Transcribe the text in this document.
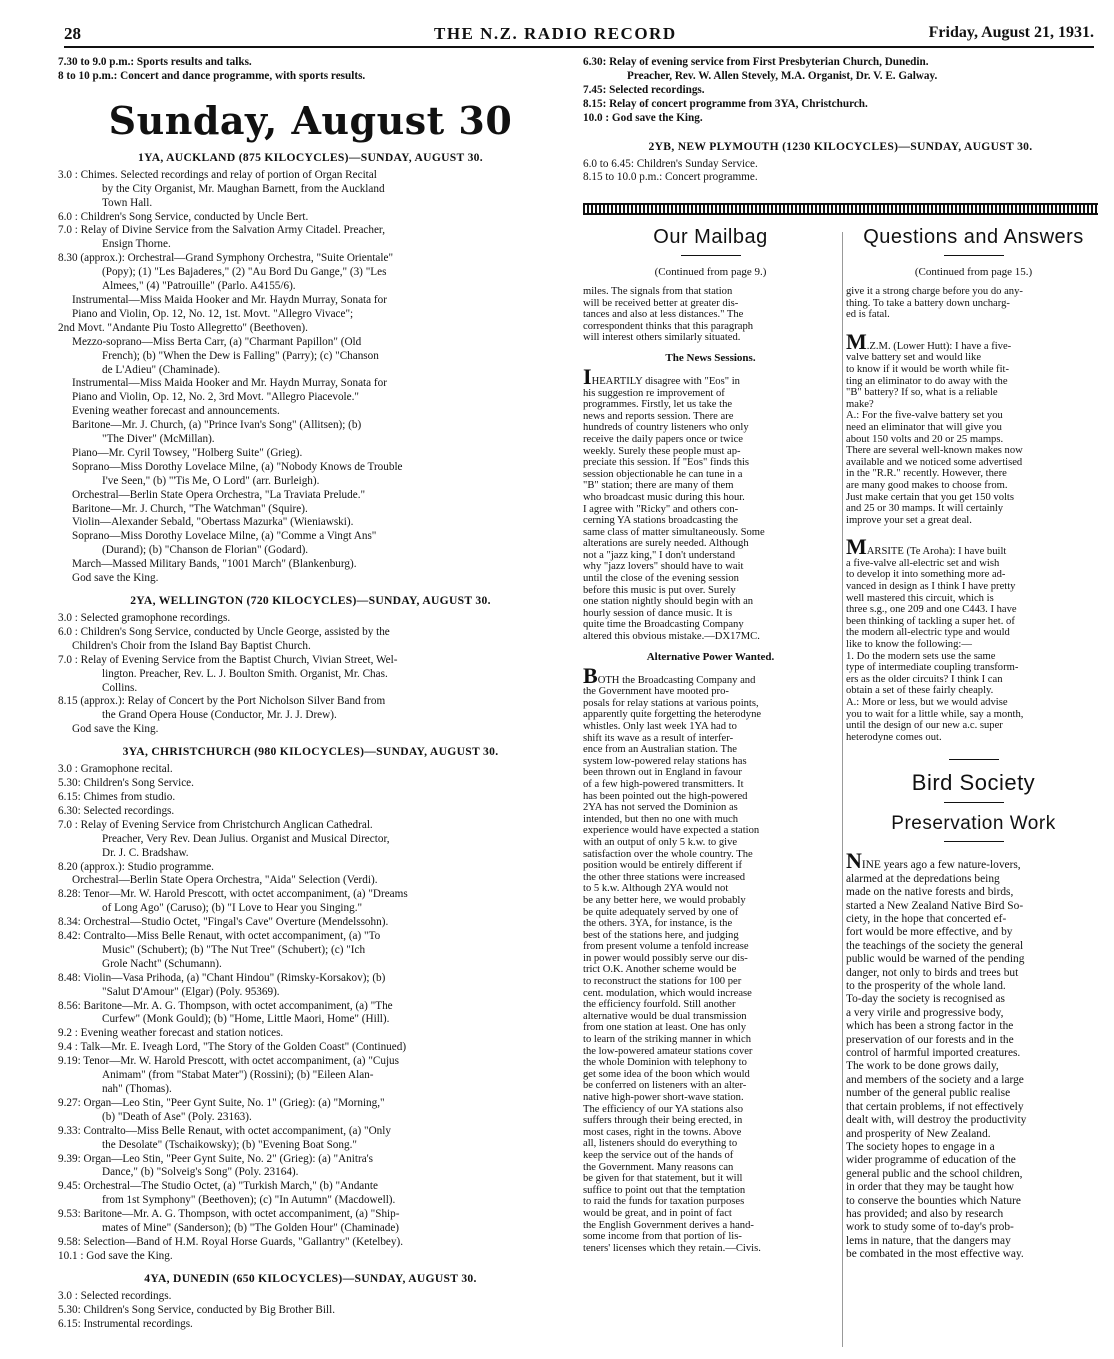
28	THE N.Z. RADIO RECORD	Friday, August 21, 1931.
7.30 to 9.0 p.m.: Sports results and talks.
8 to 10 p.m.: Concert and dance programme, with sports results.
Sunday, August 30
1YA, AUCKLAND (875 KILOCYCLES)—SUNDAY, AUGUST 30.
3.0 : Chimes. Selected recordings and relay of portion of Organ Recital
by the City Organist, Mr. Maughan Barnett, from the Auckland
Town Hall.
6.0 : Children's Song Service, conducted by Uncle Bert.
7.0 : Relay of Divine Service from the Salvation Army Citadel. Preacher,
Ensign Thorne.
8.30 (approx.): Orchestral—Grand Symphony Orchestra, "Suite Orientale"
(Popy); (1) "Les Bajaderes," (2) "Au Bord Du Gange," (3) "Les
Almees," (4) "Patrouille" (Parlo. A4155/6).
Instrumental—Miss Maida Hooker and Mr. Haydn Murray, Sonata for
Piano and Violin, Op. 12, No. 12, 1st. Movt. "Allegro Vivace";
2nd Movt. "Andante Piu Tosto Allegretto" (Beethoven).
Mezzo-soprano—Miss Berta Carr, (a) "Charmant Papillon" (Old
French); (b) "When the Dew is Falling" (Parry); (c) "Chanson
de L'Adieu" (Chaminade).
Instrumental—Miss Maida Hooker and Mr. Haydn Murray, Sonata for
Piano and Violin, Op. 12, No. 2, 3rd Movt. "Allegro Piacevole."
Evening weather forecast and announcements.
Baritone—Mr. J. Church, (a) "Prince Ivan's Song" (Allitsen); (b)
"The Diver" (McMillan).
Piano—Mr. Cyril Towsey, "Holberg Suite" (Grieg).
Soprano—Miss Dorothy Lovelace Milne, (a) "Nobody Knows de Trouble
I've Seen," (b) "'Tis Me, O Lord" (arr. Burleigh).
Orchestral—Berlin State Opera Orchestra, "La Traviata Prelude."
Baritone—Mr. J. Church, "The Watchman" (Squire).
Violin—Alexander Sebald, "Obertass Mazurka" (Wieniawski).
Soprano—Miss Dorothy Lovelace Milne, (a) "Comme a Vingt Ans"
(Durand); (b) "Chanson de Florian" (Godard).
March—Massed Military Bands, "1001 March" (Blankenburg).
God save the King.
2YA, WELLINGTON (720 KILOCYCLES)—SUNDAY, AUGUST 30.
3.0 : Selected gramophone recordings.
6.0 : Children's Song Service, conducted by Uncle George, assisted by the
Children's Choir from the Island Bay Baptist Church.
7.0 : Relay of Evening Service from the Baptist Church, Vivian Street, Wel-
lington. Preacher, Rev. L. J. Boulton Smith. Organist, Mr. Chas.
Collins.
8.15 (approx.): Relay of Concert by the Port Nicholson Silver Band from
the Grand Opera House (Conductor, Mr. J. J. Drew).
God save the King.
3YA, CHRISTCHURCH (980 KILOCYCLES)—SUNDAY, AUGUST 30.
3.0 : Gramophone recital.
5.30: Children's Song Service.
6.15: Chimes from studio.
6.30: Selected recordings.
7.0 : Relay of Evening Service from Christchurch Anglican Cathedral.
Preacher, Very Rev. Dean Julius. Organist and Musical Director,
Dr. J. C. Bradshaw.
8.20 (approx.): Studio programme.
Orchestral—Berlin State Opera Orchestra, "Aida" Selection (Verdi).
8.28: Tenor—Mr. W. Harold Prescott, with octet accompaniment, (a) "Dreams
of Long Ago" (Caruso); (b) "I Love to Hear you Singing."
8.34: Orchestral—Studio Octet, "Fingal's Cave" Overture (Mendelssohn).
8.42: Contralto—Miss Belle Renaut, with octet accompaniment, (a) "To
Music" (Schubert); (b) "The Nut Tree" (Schubert); (c) "Ich
Grole Nacht" (Schumann).
8.48: Violin—Vasa Prihoda, (a) "Chant Hindou" (Rimsky-Korsakov); (b)
"Salut D'Amour" (Elgar) (Poly. 95369).
8.56: Baritone—Mr. A. G. Thompson, with octet accompaniment, (a) "The
Curfew" (Monk Gould); (b) "Home, Little Maori, Home" (Hill).
9.2 : Evening weather forecast and station notices.
9.4 : Talk—Mr. E. Iveagh Lord, "The Story of the Golden Coast" (Continued)
9.19: Tenor—Mr. W. Harold Prescott, with octet accompaniment, (a) "Cujus
Animam" (from "Stabat Mater") (Rossini); (b) "Eileen Alan-
nah" (Thomas).
9.27: Organ—Leo Stin, "Peer Gynt Suite, No. 1" (Grieg): (a) "Morning,"
(b) "Death of Ase" (Poly. 23163).
9.33: Contralto—Miss Belle Renaut, with octet accompaniment, (a) "Only
the Desolate" (Tschaikowsky); (b) "Evening Boat Song."
9.39: Organ—Leo Stin, "Peer Gynt Suite, No. 2" (Grieg): (a) "Anitra's
Dance," (b) "Solveig's Song" (Poly. 23164).
9.45: Orchestral—The Studio Octet, (a) "Turkish March," (b) "Andante
from 1st Symphony" (Beethoven); (c) "In Autumn" (Macdowell).
9.53: Baritone—Mr. A. G. Thompson, with octet accompaniment, (a) "Ship-
mates of Mine" (Sanderson); (b) "The Golden Hour" (Chaminade)
9.58: Selection—Band of H.M. Royal Horse Guards, "Gallantry" (Ketelbey).
10.1 : God save the King.
4YA, DUNEDIN (650 KILOCYCLES)—SUNDAY, AUGUST 30.
3.0 : Selected recordings.
5.30: Children's Song Service, conducted by Big Brother Bill.
6.15: Instrumental recordings.
6.30: Relay of evening service from First Presbyterian Church, Dunedin.
Preacher, Rev. W. Allen Stevely, M.A. Organist, Dr. V. E. Galway.
7.45: Selected recordings.
8.15: Relay of concert programme from 3YA, Christchurch.
10.0 : God save the King.
2YB, NEW PLYMOUTH (1230 KILOCYCLES)—SUNDAY, AUGUST 30.
6.0 to 6.45: Children's Sunday Service.
8.15 to 10.0 p.m.: Concert programme.
Our Mailbag
(Continued from page 9.)
miles. The signals from that station
will be received better at greater dis-
tances and also at less distances." The
correspondent thinks that this paragraph
will interest others similarly situated.
The News Sessions.
IHEARTILY disagree with "Eos" in
his suggestion re improvement of
programmes. Firstly, let us take the
news and reports session. There are
hundreds of country listeners who only
receive the daily papers once or twice
weekly. Surely these people must ap-
preciate this session. If "Eos" finds this
session objectionable he can tune in a
"B" station; there are many of them
who broadcast music during this hour.
I agree with "Ricky" and others con-
cerning YA stations broadcasting the
same class of matter simultaneously. Some
alterations are surely needed. Although
not a "jazz king," I don't understand
why "jazz lovers" should have to wait
until the close of the evening session
before this music is put over. Surely
one station nightly should begin with an
hourly session of dance music. It is
quite time the Broadcasting Company
altered this obvious mistake.—DX17MC.
Alternative Power Wanted.
BOTH the Broadcasting Company and
the Government have mooted pro-
posals for relay stations at various points,
apparently quite forgetting the heterodyne
whistles. Only last week 1YA had to
shift its wave as a result of interfer-
ence from an Australian station. The
system low-powered relay stations has
been thrown out in England in favour
of a few high-powered transmitters. It
has been pointed out the high-powered
2YA has not served the Dominion as
intended, but then no one with much
experience would have expected a station
with an output of only 5 k.w. to give
satisfaction over the whole country. The
position would be entirely different if
the other three stations were increased
to 5 k.w. Although 2YA would not
be any better here, we would probably
be quite adequately served by one of
the others. 3YA, for instance, is the
best of the stations here, and judging
from present volume a tenfold increase
in power would possibly serve our dis-
trict O.K. Another scheme would be
to reconstruct the stations for 100 per
cent. modulation, which would increase
the efficiency fourfold. Still another
alternative would be dual transmission
from one station at least. One has only
to learn of the striking manner in which
the low-powered amateur stations cover
the whole Dominion with telephony to
get some idea of the boon which would
be conferred on listeners with an alter-
native high-power short-wave station.
The efficiency of our YA stations also
suffers through their being erected, in
most cases, right in the towns. Above
all, listeners should do everything to
keep the service out of the hands of
the Government. Many reasons can
be given for that statement, but it will
suffice to point out that the temptation
to raid the funds for taxation purposes
would be great, and in point of fact
the English Government derives a hand-
some income from that portion of lis-
teners' licenses which they retain.—Civis.
Questions and Answers
(Continued from page 15.)
give it a strong charge before you do any-
thing. To take a battery down uncharg-
ed is fatal.
M.Z.M. (Lower Hutt): I have a five-
valve battery set and would like
to know if it would be worth while fit-
ting an eliminator to do away with the
"B" battery? If so, what is a reliable
make?
A.: For the five-valve battery set you
need an eliminator that will give you
about 150 volts and 20 or 25 mamps.
There are several well-known makes now
available and we noticed some advertised
in the "R.R." recently. However, there
are many good makes to choose from.
Just make certain that you get 150 volts
and 25 or 30 mamps. It will certainly
improve your set a great deal.
MARSITE (Te Aroha): I have built
a five-valve all-electric set and wish
to develop it into something more ad-
vanced in design as I think I have pretty
well mastered this circuit, which is
three s.g., one 209 and one C443. I have
been thinking of tackling a super het. of
the modern all-electric type and would
like to know the following:—
1. Do the modern sets use the same
type of intermediate coupling transform-
ers as the older circuits? I think I can
obtain a set of these fairly cheaply.
A.: More or less, but we would advise
you to wait for a little while, say a month,
until the design of our new a.c. super
heterodyne comes out.
Bird Society
Preservation Work
NINE years ago a few nature-lovers,
alarmed at the depredations being
made on the native forests and birds,
started a New Zealand Native Bird So-
ciety, in the hope that concerted ef-
fort would be more effective, and by
the teachings of the society the general
public would be warned of the pending
danger, not only to birds and trees but
to the prosperity of the whole land.
To-day the society is recognised as
a very virile and progressive body,
which has been a strong factor in the
preservation of our forests and in the
control of harmful imported creatures.
The work to be done grows daily,
and members of the society and a large
number of the general public realise
that certain problems, if not effectively
dealt with, will destroy the productivity
and prosperity of New Zealand.
The society hopes to engage in a
wider programme of education of the
general public and the school children,
in order that they may be taught how
to conserve the bounties which Nature
has provided; and also by research
work to study some of to-day's prob-
lems in nature, that the dangers may
be combated in the most effective way.
